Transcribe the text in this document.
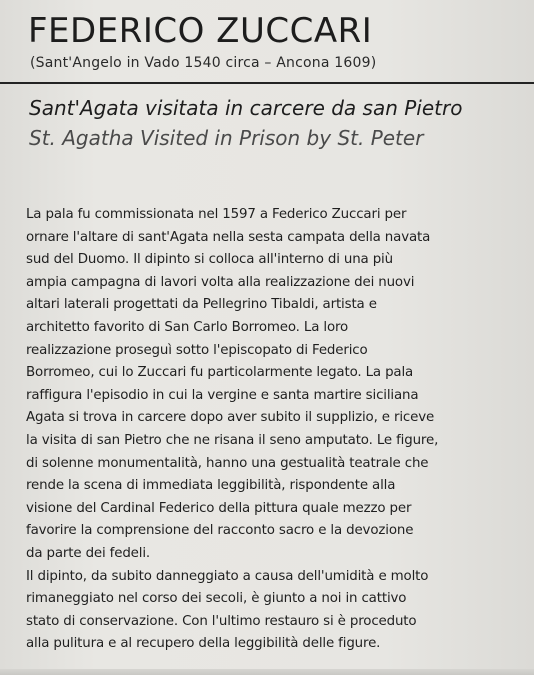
FEDERICO ZUCCARI
(Sant'Angelo in Vado 1540 circa – Ancona 1609)
Sant'Agata visitata in carcere da san Pietro
St. Agatha Visited in Prison by St. Peter
La pala fu commissionata nel 1597 a Federico Zuccari per
ornare l'altare di sant'Agata nella sesta campata della navata
sud del Duomo. Il dipinto si colloca all'interno di una più
ampia campagna di lavori volta alla realizzazione dei nuovi
altari laterali progettati da Pellegrino Tibaldi, artista e
architetto favorito di San Carlo Borromeo. La loro
realizzazione proseguì sotto l'episcopato di Federico
Borromeo, cui lo Zuccari fu particolarmente legato. La pala
raffigura l'episodio in cui la vergine e santa martire siciliana
Agata si trova in carcere dopo aver subito il supplizio, e riceve
la visita di san Pietro che ne risana il seno amputato. Le figure,
di solenne monumentalità, hanno una gestualità teatrale che
rende la scena di immediata leggibilità, rispondente alla
visione del Cardinal Federico della pittura quale mezzo per
favorire la comprensione del racconto sacro e la devozione
da parte dei fedeli.
Il dipinto, da subito danneggiato a causa dell'umidità e molto
rimaneggiato nel corso dei secoli, è giunto a noi in cattivo
stato di conservazione. Con l'ultimo restauro si è proceduto
alla pulitura e al recupero della leggibilità delle figure.
